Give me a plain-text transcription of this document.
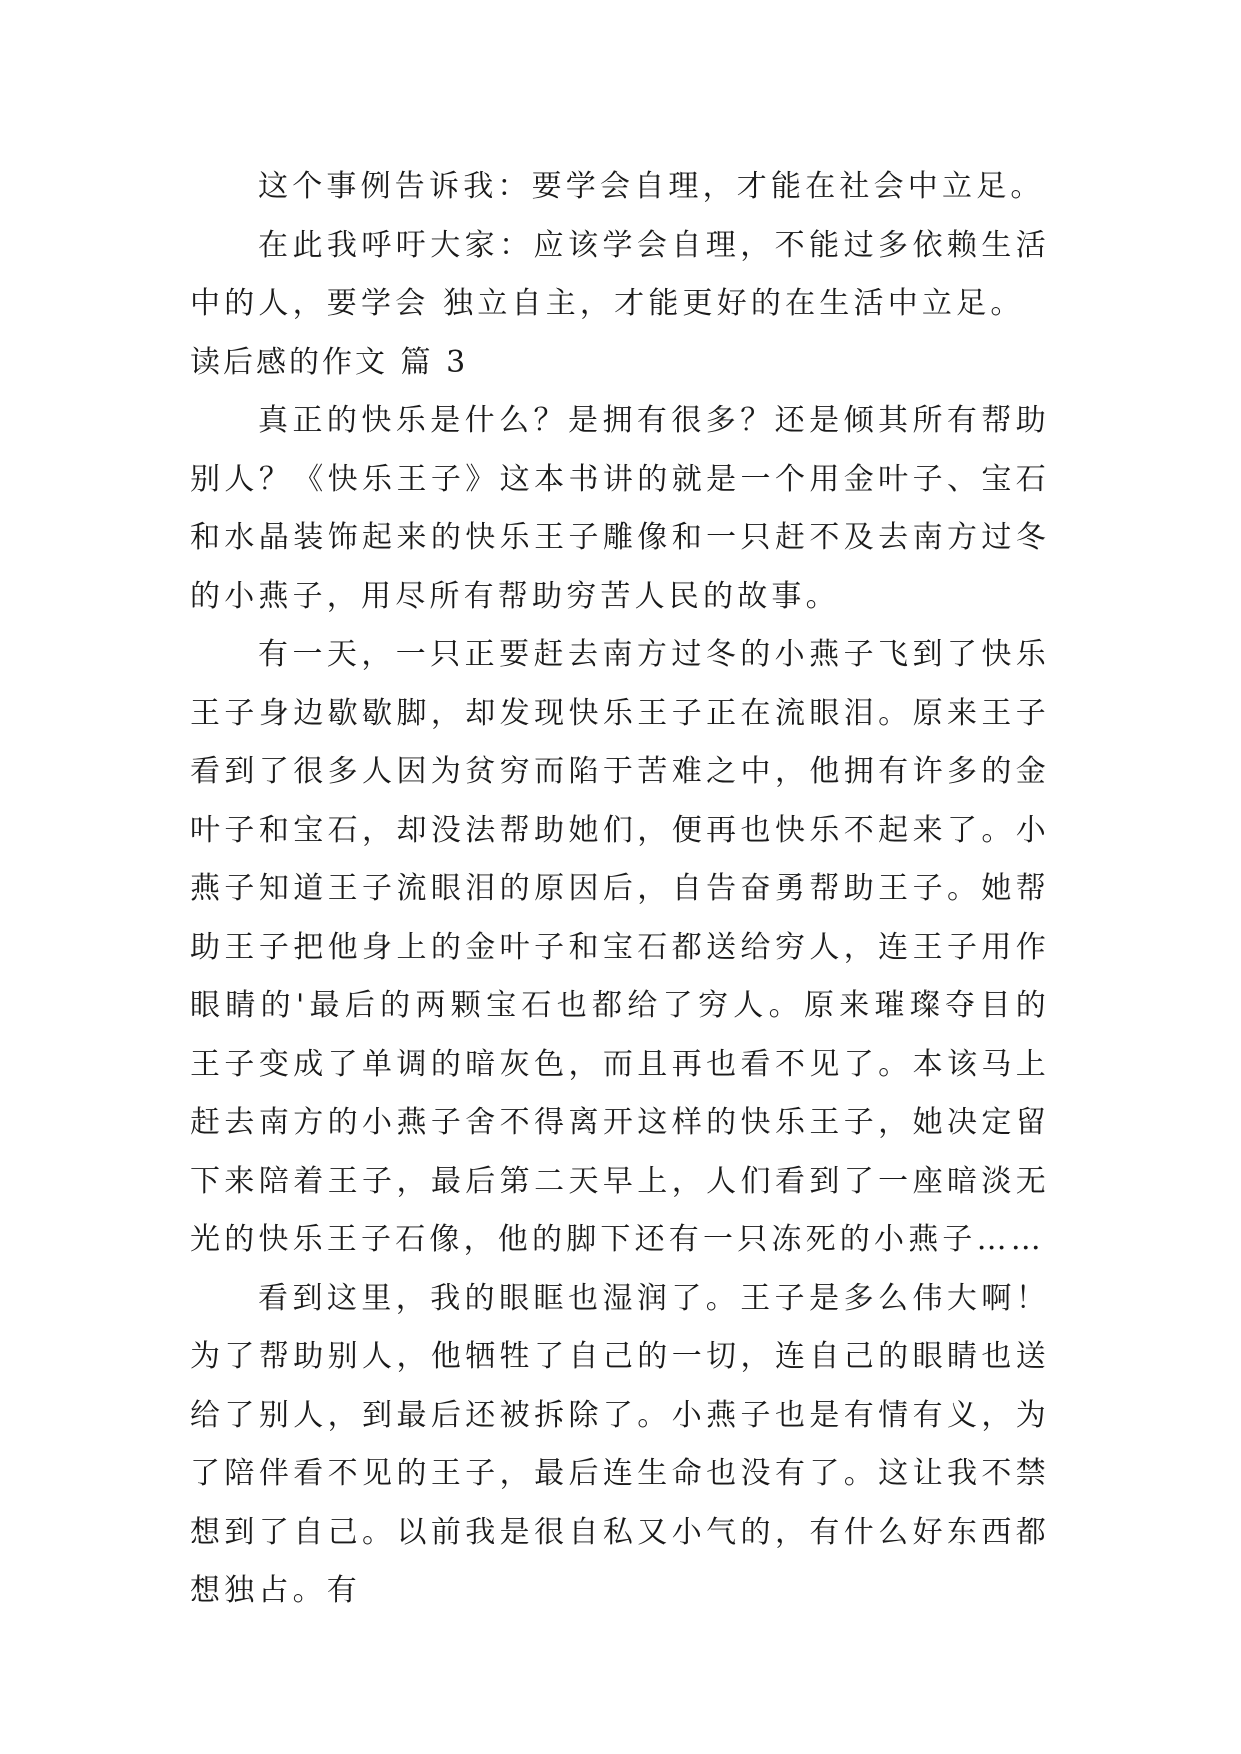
这个事例告诉我：要学会自理，才能在社会中立足。

在此我呼吁大家：应该学会自理，不能过多依赖生活中的人，要学会 独立自主，才能更好的在生活中立足。

读后感的作文 篇 3

真正的快乐是什么？是拥有很多？还是倾其所有帮助别人？《快乐王子》这本书讲的就是一个用金叶子、宝石和水晶装饰起来的快乐王子雕像和一只赶不及去南方过冬的小燕子，用尽所有帮助穷苦人民的故事。

有一天，一只正要赶去南方过冬的小燕子飞到了快乐王子身边歇歇脚，却发现快乐王子正在流眼泪。原来王子看到了很多人因为贫穷而陷于苦难之中，他拥有许多的金叶子和宝石，却没法帮助她们，便再也快乐不起来了。小燕子知道王子流眼泪的原因后，自告奋勇帮助王子。她帮助王子把他身上的金叶子和宝石都送给穷人，连王子用作眼睛的'最后的两颗宝石也都给了穷人。原来璀璨夺目的王子变成了单调的暗灰色，而且再也看不见了。本该马上赶去南方的小燕子舍不得离开这样的快乐王子，她决定留下来陪着王子，最后第二天早上，人们看到了一座暗淡无光的快乐王子石像，他的脚下还有一只冻死的小燕子……

看到这里，我的眼眶也湿润了。王子是多么伟大啊！为了帮助别人，他牺牲了自己的一切，连自己的眼睛也送给了别人，到最后还被拆除了。小燕子也是有情有义，为了陪伴看不见的王子，最后连生命也没有了。这让我不禁想到了自己。以前我是很自私又小气的，有什么好东西都想独占。有
